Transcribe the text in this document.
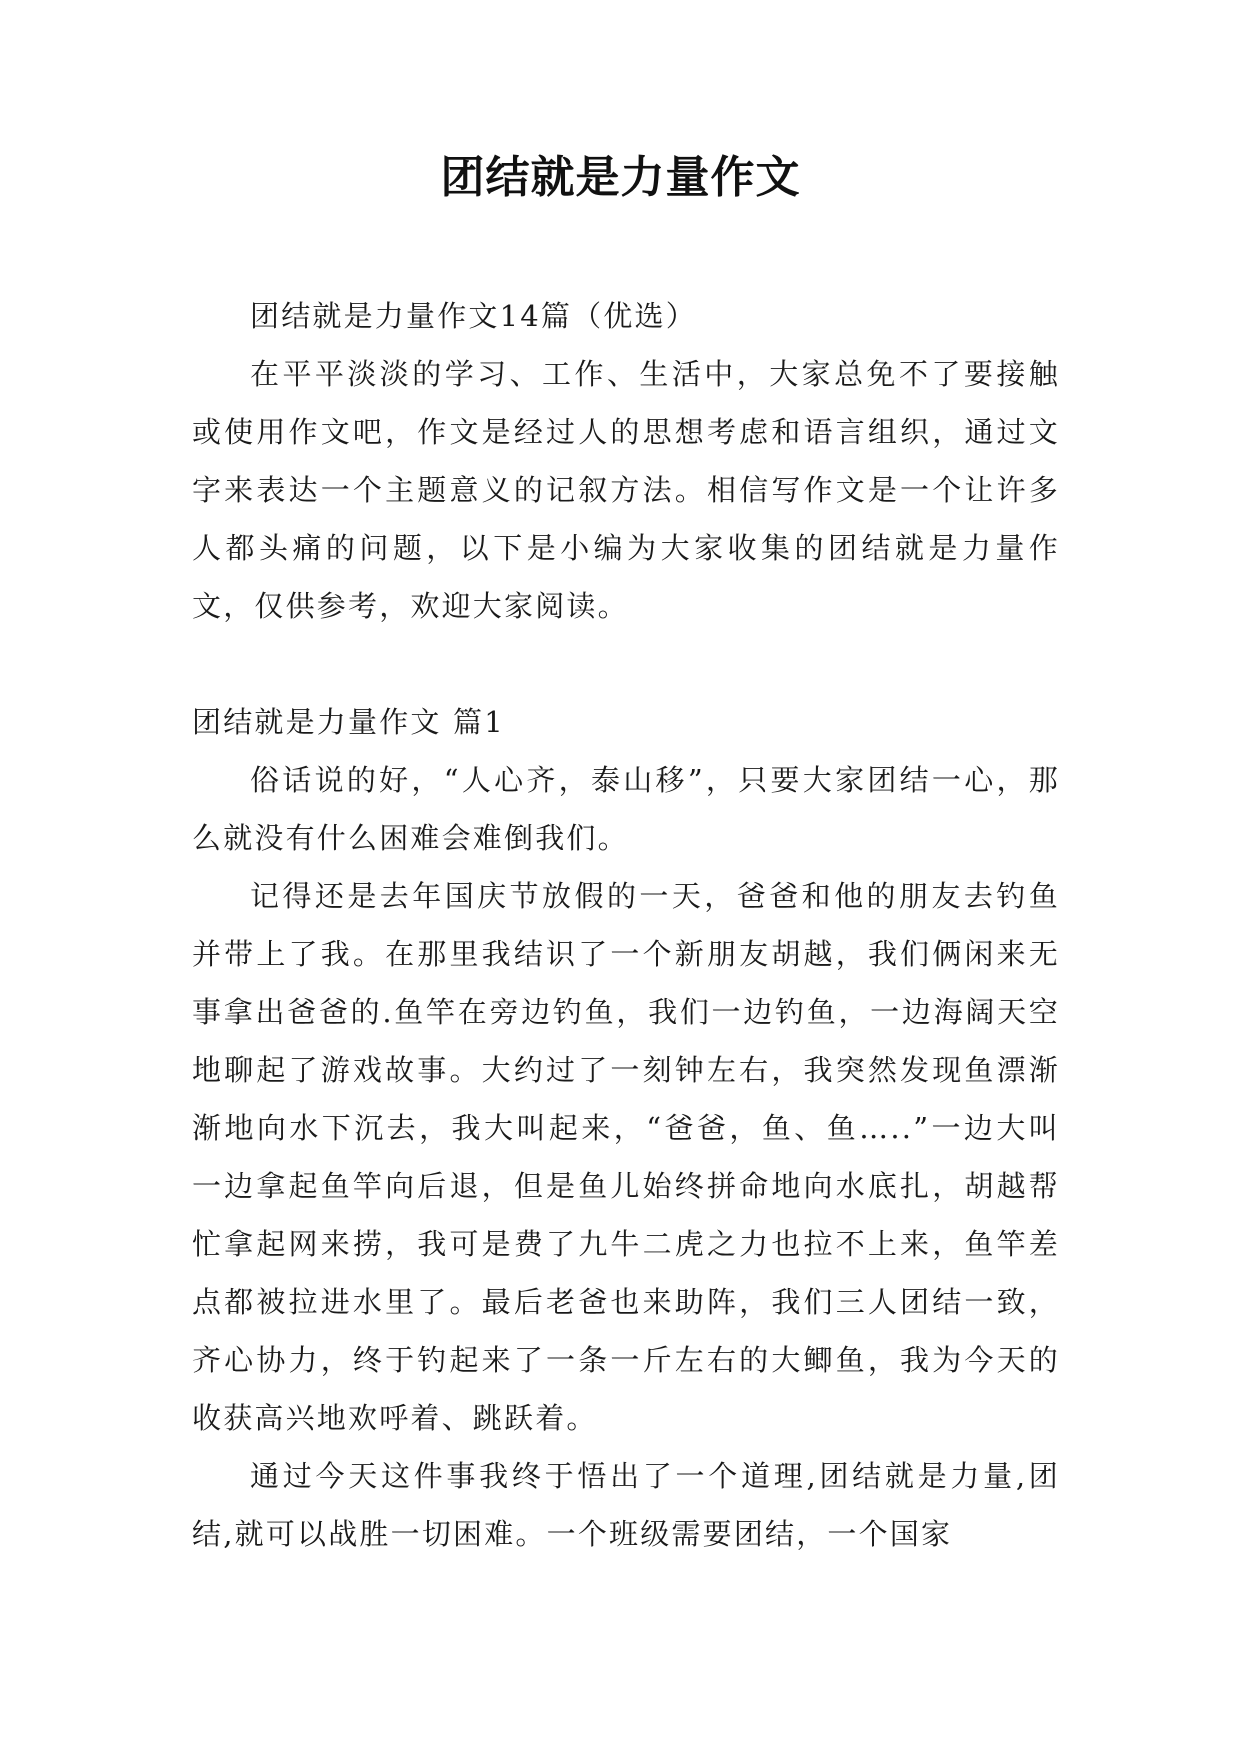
团结就是力量作文

团结就是力量作文14篇（优选）

在平平淡淡的学习、工作、生活中，大家总免不了要接触或使用作文吧，作文是经过人的思想考虑和语言组织，通过文字来表达一个主题意义的记叙方法。相信写作文是一个让许多人都头痛的问题，以下是小编为大家收集的团结就是力量作文，仅供参考，欢迎大家阅读。

团结就是力量作文 篇1

俗话说的好，“人心齐，泰山移”，只要大家团结一心，那么就没有什么困难会难倒我们。

记得还是去年国庆节放假的一天，爸爸和他的朋友去钓鱼并带上了我。在那里我结识了一个新朋友胡越，我们俩闲来无事拿出爸爸的.鱼竿在旁边钓鱼，我们一边钓鱼，一边海阔天空地聊起了游戏故事。大约过了一刻钟左右，我突然发现鱼漂渐渐地向水下沉去，我大叫起来，“爸爸，鱼、鱼…..”一边大叫一边拿起鱼竿向后退，但是鱼儿始终拼命地向水底扎，胡越帮忙拿起网来捞，我可是费了九牛二虎之力也拉不上来，鱼竿差点都被拉进水里了。最后老爸也来助阵，我们三人团结一致，齐心协力，终于钓起来了一条一斤左右的大鲫鱼，我为今天的收获高兴地欢呼着、跳跃着。

通过今天这件事我终于悟出了一个道理,团结就是力量,团结,就可以战胜一切困难。一个班级需要团结，一个国家
